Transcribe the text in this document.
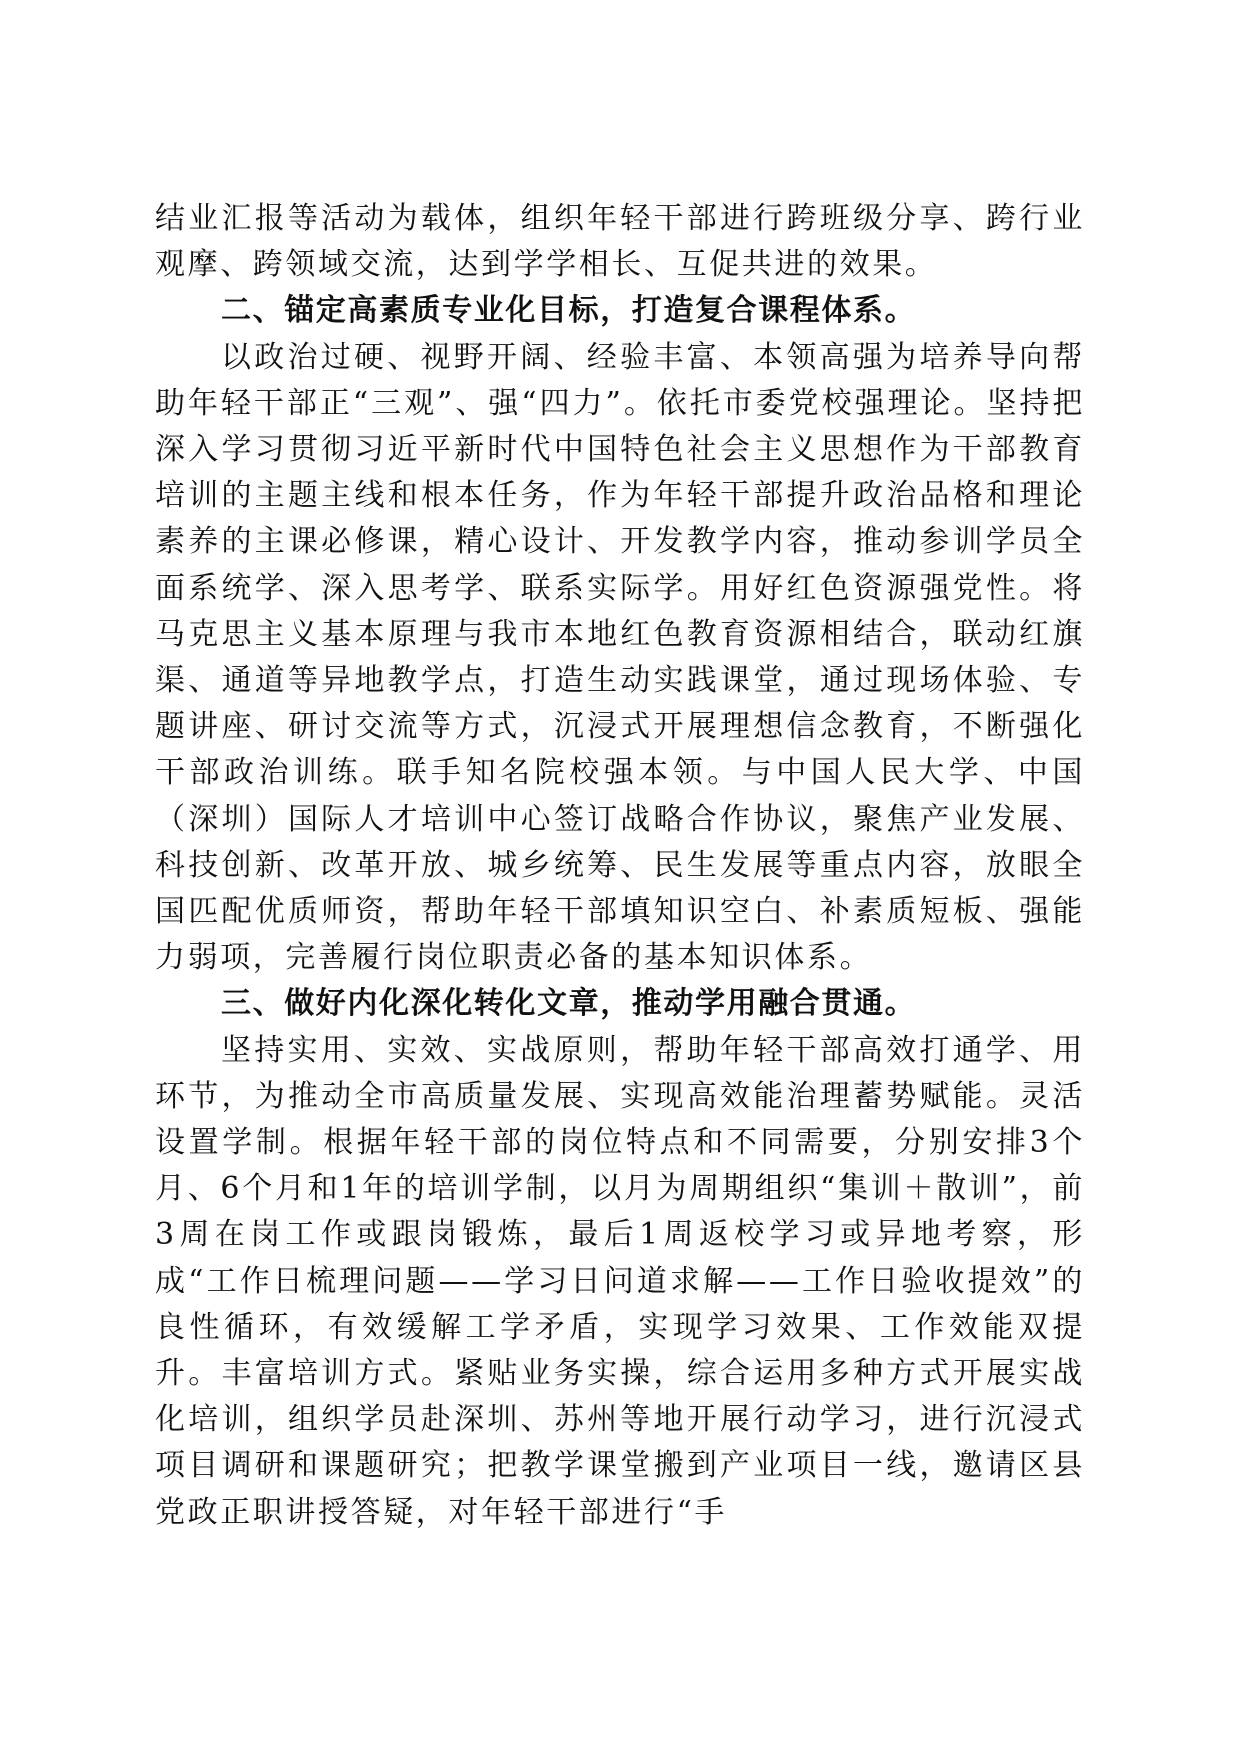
结业汇报等活动为载体，组织年轻干部进行跨班级分享、跨行业观摩、跨领域交流，达到学学相长、互促共进的效果。

二、锚定高素质专业化目标，打造复合课程体系。

以政治过硬、视野开阔、经验丰富、本领高强为培养导向帮助年轻干部正“三观”、强“四力”。依托市委党校强理论。坚持把深入学习贯彻习近平新时代中国特色社会主义思想作为干部教育培训的主题主线和根本任务，作为年轻干部提升政治品格和理论素养的主课必修课，精心设计、开发教学内容，推动参训学员全面系统学、深入思考学、联系实际学。用好红色资源强党性。将马克思主义基本原理与我市本地红色教育资源相结合，联动红旗渠、通道等异地教学点，打造生动实践课堂，通过现场体验、专题讲座、研讨交流等方式，沉浸式开展理想信念教育，不断强化干部政治训练。联手知名院校强本领。与中国人民大学、中国（深圳）国际人才培训中心签订战略合作协议，聚焦产业发展、科技创新、改革开放、城乡统筹、民生发展等重点内容，放眼全国匹配优质师资，帮助年轻干部填知识空白、补素质短板、强能力弱项，完善履行岗位职责必备的基本知识体系。

三、做好内化深化转化文章，推动学用融合贯通。

坚持实用、实效、实战原则，帮助年轻干部高效打通学、用环节，为推动全市高质量发展、实现高效能治理蓄势赋能。灵活设置学制。根据年轻干部的岗位特点和不同需要，分别安排3个月、6个月和1年的培训学制，以月为周期组织“集训＋散训”，前3周在岗工作或跟岗锻炼，最后1周返校学习或异地考察，形成“工作日梳理问题——学习日问道求解——工作日验收提效”的良性循环，有效缓解工学矛盾，实现学习效果、工作效能双提升。丰富培训方式。紧贴业务实操，综合运用多种方式开展实战化培训，组织学员赴深圳、苏州等地开展行动学习，进行沉浸式项目调研和课题研究；把教学课堂搬到产业项目一线，邀请区县党政正职讲授答疑，对年轻干部进行“手
